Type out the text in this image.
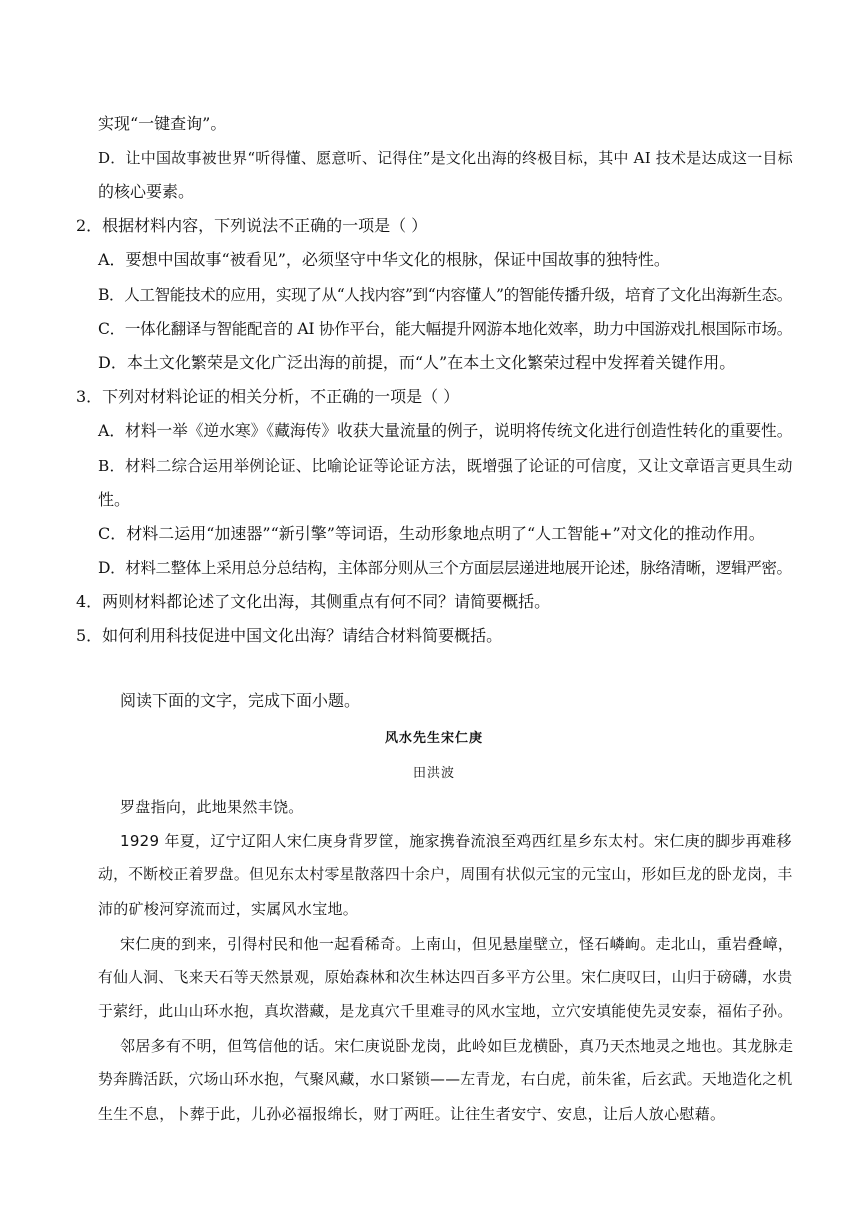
实现“一键查询”。
D．让中国故事被世界“听得懂、愿意听、记得住”是文化出海的终极目标，其中 AI 技术是达成这一目标
的核心要素。
2．根据材料内容，下列说法不正确的一项是（ ）
A．要想中国故事“被看见”，必须坚守中华文化的根脉，保证中国故事的独特性。
B．人工智能技术的应用，实现了从“人找内容”到“内容懂人”的智能传播升级，培育了文化出海新生态。
C．一体化翻译与智能配音的 AI 协作平台，能大幅提升网游本地化效率，助力中国游戏扎根国际市场。
D．本土文化繁荣是文化广泛出海的前提，而“人”在本土文化繁荣过程中发挥着关键作用。
3．下列对材料论证的相关分析，不正确的一项是（ ）
A．材料一举《逆水寒》《藏海传》收获大量流量的例子，说明将传统文化进行创造性转化的重要性。
B．材料二综合运用举例论证、比喻论证等论证方法，既增强了论证的可信度，又让文章语言更具生动
性。
C．材料二运用“加速器”“新引擎”等词语，生动形象地点明了“人工智能+”对文化的推动作用。
D．材料二整体上采用总分总结构，主体部分则从三个方面层层递进地展开论述，脉络清晰，逻辑严密。
4．两则材料都论述了文化出海，其侧重点有何不同？请简要概括。
5．如何利用科技促进中国文化出海？请结合材料简要概括。
阅读下面的文字，完成下面小题。
风水先生宋仁庚
田洪波
罗盘指向，此地果然丰饶。
1929 年夏，辽宁辽阳人宋仁庚身背罗筐，施家携眷流浪至鸡西红星乡东太村。宋仁庚的脚步再难移
动，不断校正着罗盘。但见东太村零星散落四十余户，周围有状似元宝的元宝山，形如巨龙的卧龙岗，丰
沛的矿梭河穿流而过，实属风水宝地。
宋仁庚的到来，引得村民和他一起看稀奇。上南山，但见悬崖壁立，怪石嶙峋。走北山，重岩叠嶂，
有仙人洞、飞来天石等天然景观，原始森林和次生林达四百多平方公里。宋仁庚叹曰，山归于磅礴，水贵
于萦纡，此山山环水抱，真坎潜藏，是龙真穴千里难寻的风水宝地，立穴安填能使先灵安泰，福佑子孙。
邻居多有不明，但笃信他的话。宋仁庚说卧龙岗，此岭如巨龙横卧，真乃天杰地灵之地也。其龙脉走
势奔腾活跃，穴场山环水抱，气聚风藏，水口紧锁——左青龙，右白虎，前朱雀，后玄武。天地造化之机
生生不息，卜葬于此，儿孙必福报绵长，财丁两旺。让往生者安宁、安息，让后人放心慰藉。
